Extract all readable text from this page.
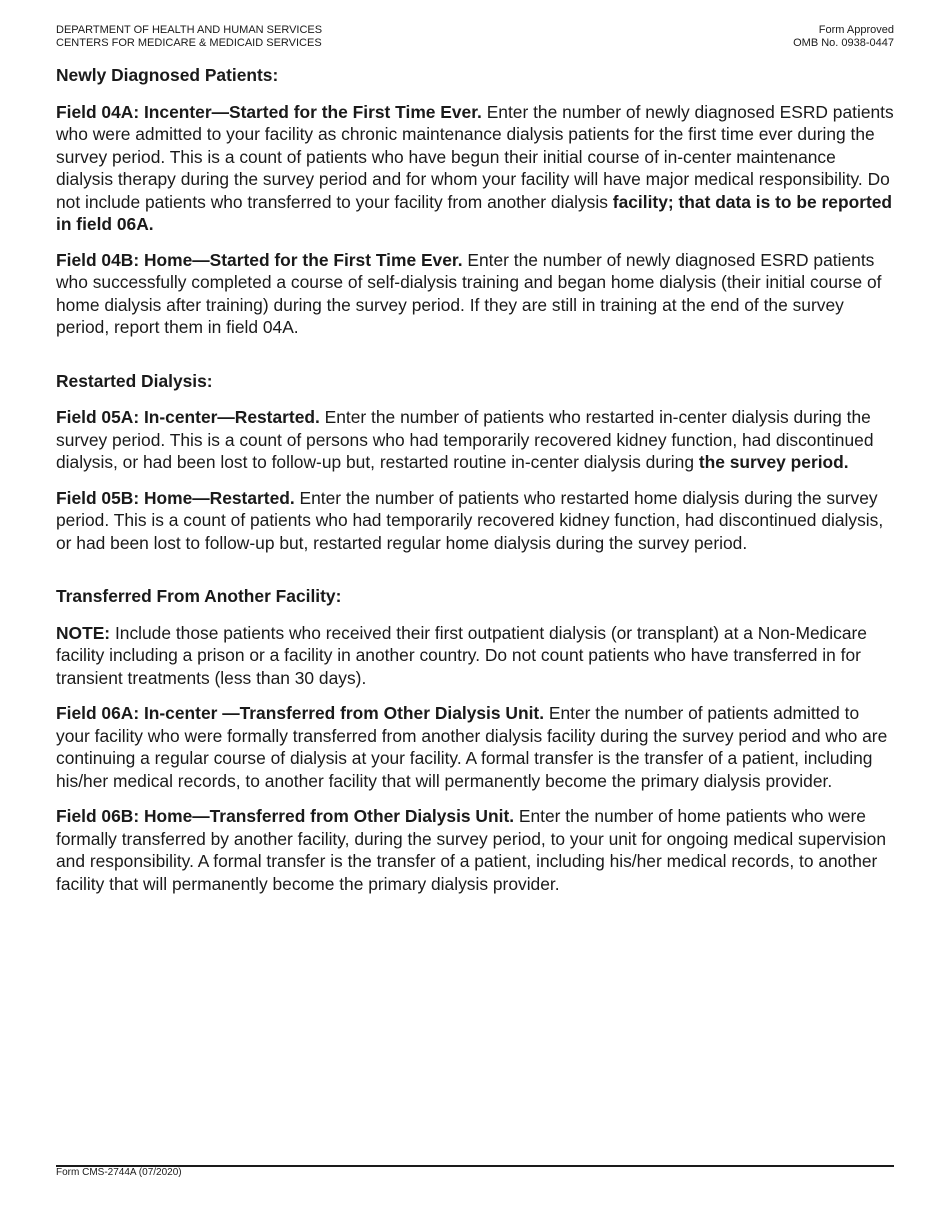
DEPARTMENT OF HEALTH AND HUMAN SERVICES
CENTERS FOR MEDICARE & MEDICAID SERVICES
Form Approved
OMB No. 0938-0447
Newly Diagnosed Patients:

Field 04A: Incenter—Started for the First Time Ever. Enter the number of newly diagnosed ESRD patients who were admitted to your facility as chronic maintenance dialysis patients for the first time ever during the survey period. This is a count of patients who have begun their initial course of in-center maintenance dialysis therapy during the survey period and for whom your facility will have major medical responsibility. Do not include patients who transferred to your facility from another dialysis facility; that data is to be reported in field 06A.

Field 04B: Home—Started for the First Time Ever. Enter the number of newly diagnosed ESRD patients who successfully completed a course of self-dialysis training and began home dialysis (their initial course of home dialysis after training) during the survey period. If they are still in training at the end of the survey period, report them in field 04A.

Restarted Dialysis:

Field 05A: In-center—Restarted. Enter the number of patients who restarted in-center dialysis during the survey period. This is a count of persons who had temporarily recovered kidney function, had discontinued dialysis, or had been lost to follow-up but, restarted routine in-center dialysis during the survey period.

Field 05B: Home—Restarted. Enter the number of patients who restarted home dialysis during the survey period. This is a count of patients who had temporarily recovered kidney function, had discontinued dialysis, or had been lost to follow-up but, restarted regular home dialysis during the survey period.

Transferred From Another Facility:

NOTE: Include those patients who received their first outpatient dialysis (or transplant) at a Non-Medicare facility including a prison or a facility in another country. Do not count patients who have transferred in for transient treatments (less than 30 days).

Field 06A: In-center —Transferred from Other Dialysis Unit. Enter the number of patients admitted to your facility who were formally transferred from another dialysis facility during the survey period and who are continuing a regular course of dialysis at your facility. A formal transfer is the transfer of a patient, including his/her medical records, to another facility that will permanently become the primary dialysis provider.

Field 06B: Home—Transferred from Other Dialysis Unit. Enter the number of home patients who were formally transferred by another facility, during the survey period, to your unit for ongoing medical supervision and responsibility. A formal transfer is the transfer of a patient, including his/her medical records, to another facility that will permanently become the primary dialysis provider.

Form CMS-2744A (07/2020)
